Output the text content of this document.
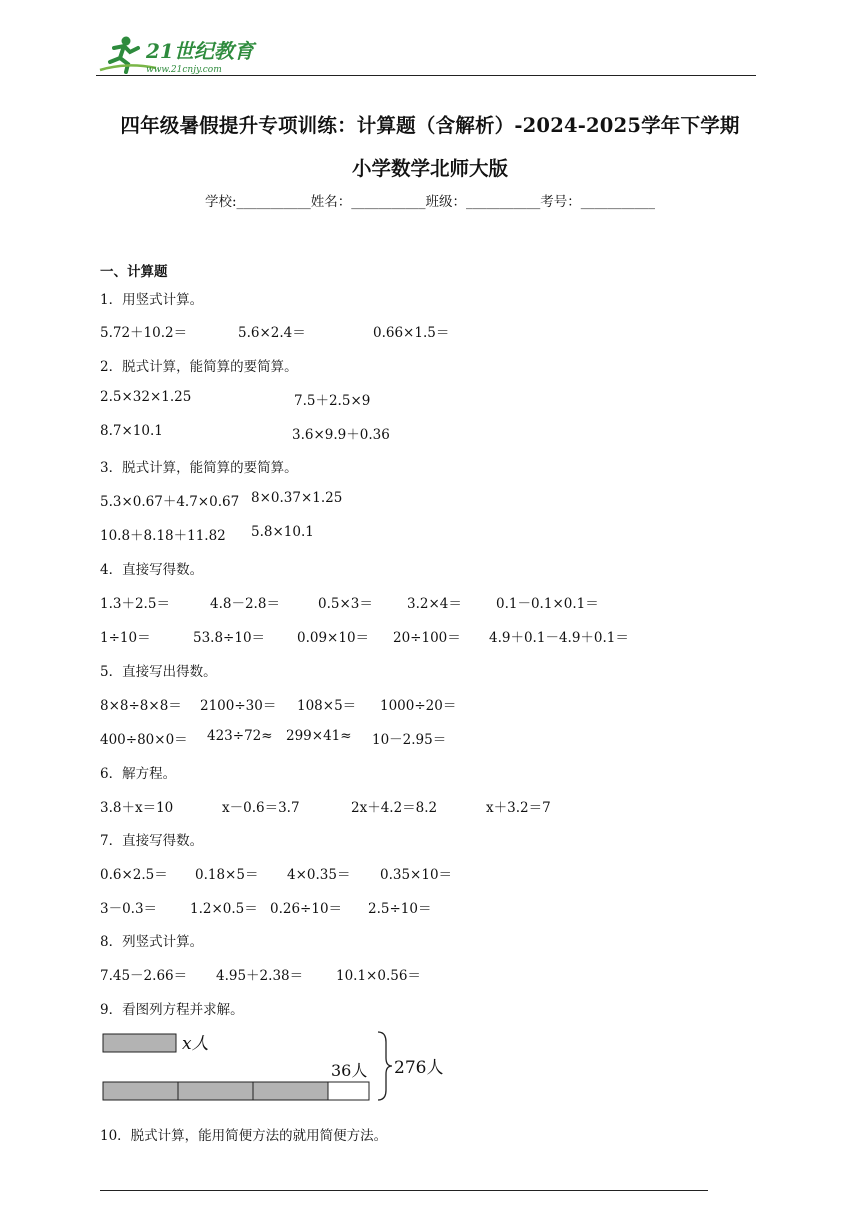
21世纪教育
www.21cnjy.com
四年级暑假提升专项训练：计算题（含解析）-2024-2025学年下学期
小学数学北师大版
学校:___________姓名：___________班级：___________考号：___________
一、计算题
1．用竖式计算。

5.72＋10.2＝

	5.6×2.4＝

	0.66×1.5＝

2．脱式计算，能简算的要简算。

2.5×32×1.25

	7.5＋2.5×9

8.7×10.1

	3.6×9.9＋0.36

3．脱式计算，能简算的要简算。

5.3×0.67＋4.7×0.67

8×0.37×1.25

10.8＋8.18＋11.82

5.8×10.1

4．直接写得数。

1.3＋2.5＝

	4.8－2.8＝

	0.5×3＝

	3.2×4＝

	0.1－0.1×0.1＝

1÷10＝

	53.8÷10＝

0.09×10＝

20÷100＝

4.9＋0.1－4.9＋0.1＝

5．直接写出得数。

8×8÷8×8＝

2100÷30＝

108×5＝

1000÷20＝

400÷80×0＝

423÷72≈

299×41≈

10－2.95＝

6．解方程。

3.8＋x＝10

	x－0.6＝3.7

	2x＋4.2＝8.2

	x＋3.2＝7

7．直接写得数。

0.6×2.5＝

0.18×5＝

4×0.35＝

0.35×10＝

3－0.3＝

1.2×0.5＝

0.26÷10＝

2.5÷10＝

8．列竖式计算。

7.45－2.66＝

4.95＋2.38＝

10.1×0.56＝

9．看图列方程并求解。
x人
36人 276人
10．脱式计算，能用简便方法的就用简便方法。
